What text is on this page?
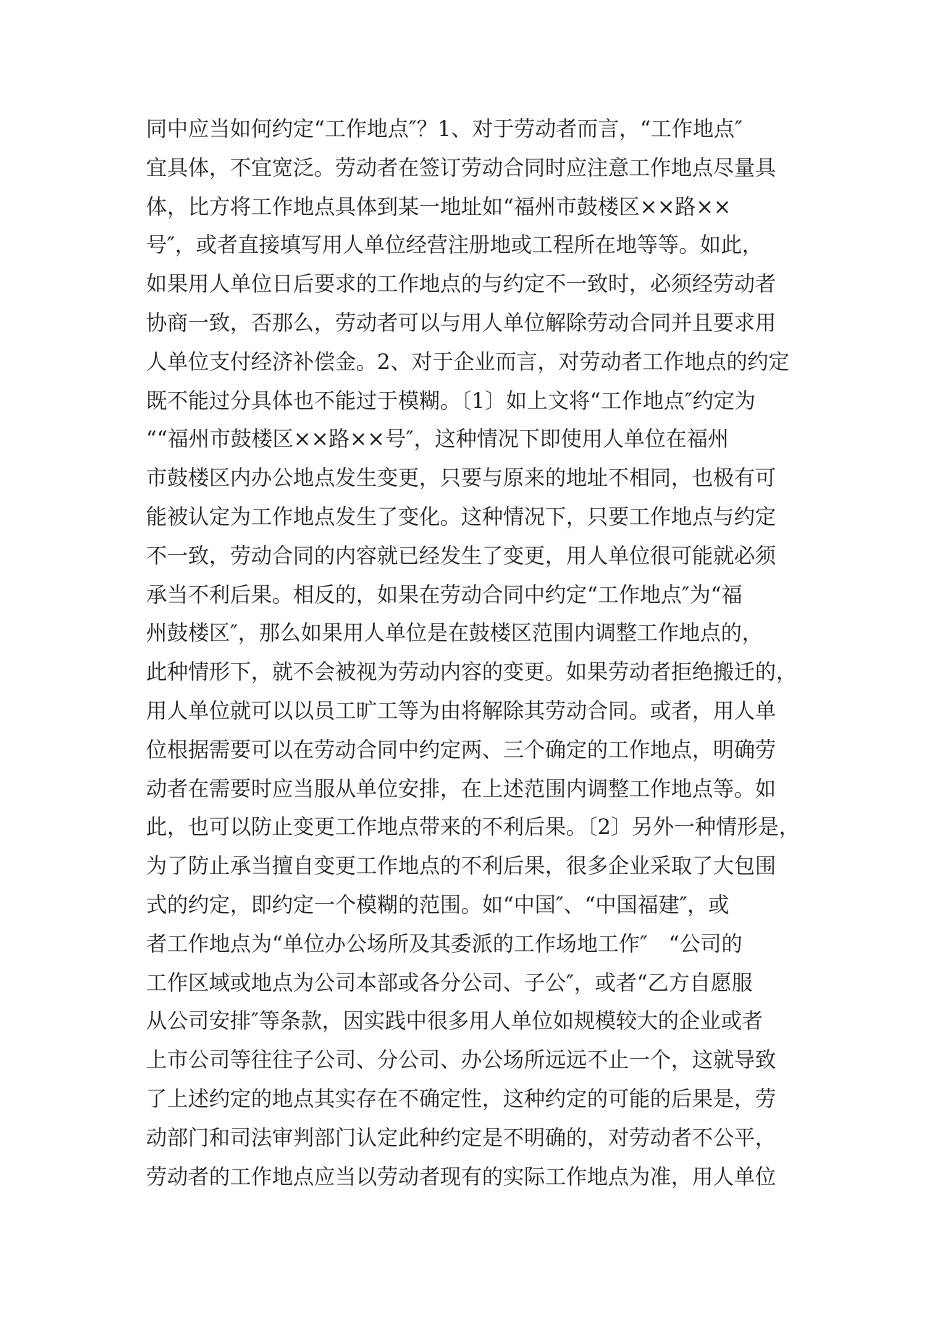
同中应当如何约定“工作地点″？1、对于劳动者而言，“工作地点″
宜具体，不宜宽泛。劳动者在签订劳动合同时应注意工作地点尽量具
体，比方将工作地点具体到某一地址如“福州市鼓楼区××路××
号″，或者直接填写用人单位经营注册地或工程所在地等等。如此，
如果用人单位日后要求的工作地点的与约定不一致时，必须经劳动者
协商一致，否那么，劳动者可以与用人单位解除劳动合同并且要求用
人单位支付经济补偿金。2、对于企业而言，对劳动者工作地点的约定
既不能过分具体也不能过于模糊。〔1〕如上文将“工作地点″约定为
““福州市鼓楼区××路××号″，这种情况下即使用人单位在福州
市鼓楼区内办公地点发生变更，只要与原来的地址不相同，也极有可
能被认定为工作地点发生了变化。这种情况下，只要工作地点与约定
不一致，劳动合同的内容就已经发生了变更，用人单位很可能就必须
承当不利后果。相反的，如果在劳动合同中约定“工作地点″为“福
州鼓楼区″，那么如果用人单位是在鼓楼区范围内调整工作地点的，
此种情形下，就不会被视为劳动内容的变更。如果劳动者拒绝搬迁的，
用人单位就可以以员工旷工等为由将解除其劳动合同。或者，用人单
位根据需要可以在劳动合同中约定两、三个确定的工作地点，明确劳
动者在需要时应当服从单位安排，在上述范围内调整工作地点等。如
此，也可以防止变更工作地点带来的不利后果。〔2〕另外一种情形是，
为了防止承当擅自变更工作地点的不利后果，很多企业采取了大包围
式的约定，即约定一个模糊的范围。如“中国″、“中国福建″，或
者工作地点为“单位办公场所及其委派的工作场地工作″　“公司的
工作区域或地点为公司本部或各分公司、子公″，或者“乙方自愿服
从公司安排″等条款，因实践中很多用人单位如规模较大的企业或者
上市公司等往往子公司、分公司、办公场所远远不止一个，这就导致
了上述约定的地点其实存在不确定性，这种约定的可能的后果是，劳
动部门和司法审判部门认定此种约定是不明确的，对劳动者不公平，
劳动者的工作地点应当以劳动者现有的实际工作地点为准，用人单位
